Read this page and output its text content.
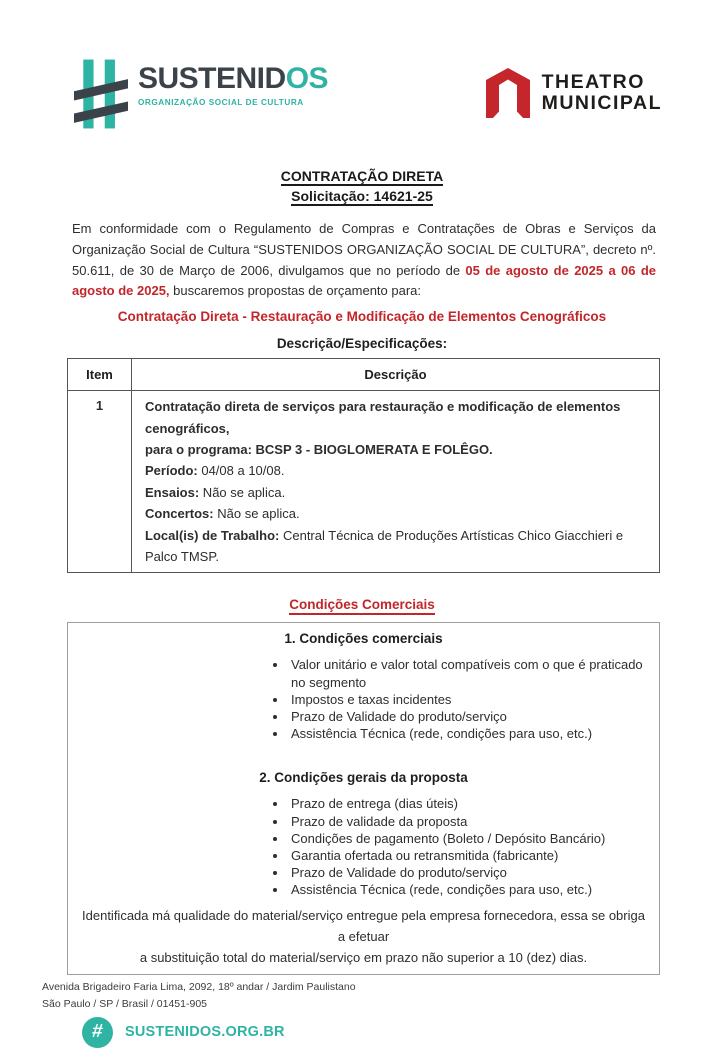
SUSTENIDOS
ORGANIZAÇÃO SOCIAL DE CULTURA
THEATRO
MUNICIPAL
CONTRATAÇÃO DIRETA
Solicitação: 14621-25

Em conformidade com o Regulamento de Compras e Contratações de Obras e Serviços da Organização Social de Cultura “SUSTENIDOS ORGANIZAÇÃO SOCIAL DE CULTURA”, decreto nº. 50.611, de 30 de Março de 2006, divulgamos que no período de 05 de agosto de 2025 a 06 de agosto de 2025, buscaremos propostas de orçamento para:

Contratação Direta - Restauração e Modificação de Elementos Cenográficos
Descrição/Especificações:
Item	Descrição
1	Contratação direta de serviços para restauração e modificação de elementos cenográficos,
para o programa: BCSP 3 - BIOGLOMERATA E FOLÊGO.
Período: 04/08 a 10/08.
Ensaios: Não se aplica.
Concertos: Não se aplica.
Local(is) de Trabalho: Central Técnica de Produções Artísticas Chico Giacchieri e Palco TMSP.
Condições Comerciais
1. Condições comerciais
• Valor unitário e valor total compatíveis com o que é praticado no segmento
• Impostos e taxas incidentes
• Prazo de Validade do produto/serviço
• Assistência Técnica (rede, condições para uso, etc.)
2. Condições gerais da proposta
• Prazo de entrega (dias úteis)
• Prazo de validade da proposta
• Condições de pagamento (Boleto / Depósito Bancário)
• Garantia ofertada ou retransmitida (fabricante)
• Prazo de Validade do produto/serviço
• Assistência Técnica (rede, condições para uso, etc.)
Identificada má qualidade do material/serviço entregue pela empresa fornecedora, essa se obriga a efetuar
a substituição total do material/serviço em prazo não superior a 10 (dez) dias.
Avenida Brigadeiro Faria Lima, 2092, 18º andar / Jardim Paulistano
São Paulo / SP / Brasil / 01451-905
# SUSTENIDOS.ORG.BR
